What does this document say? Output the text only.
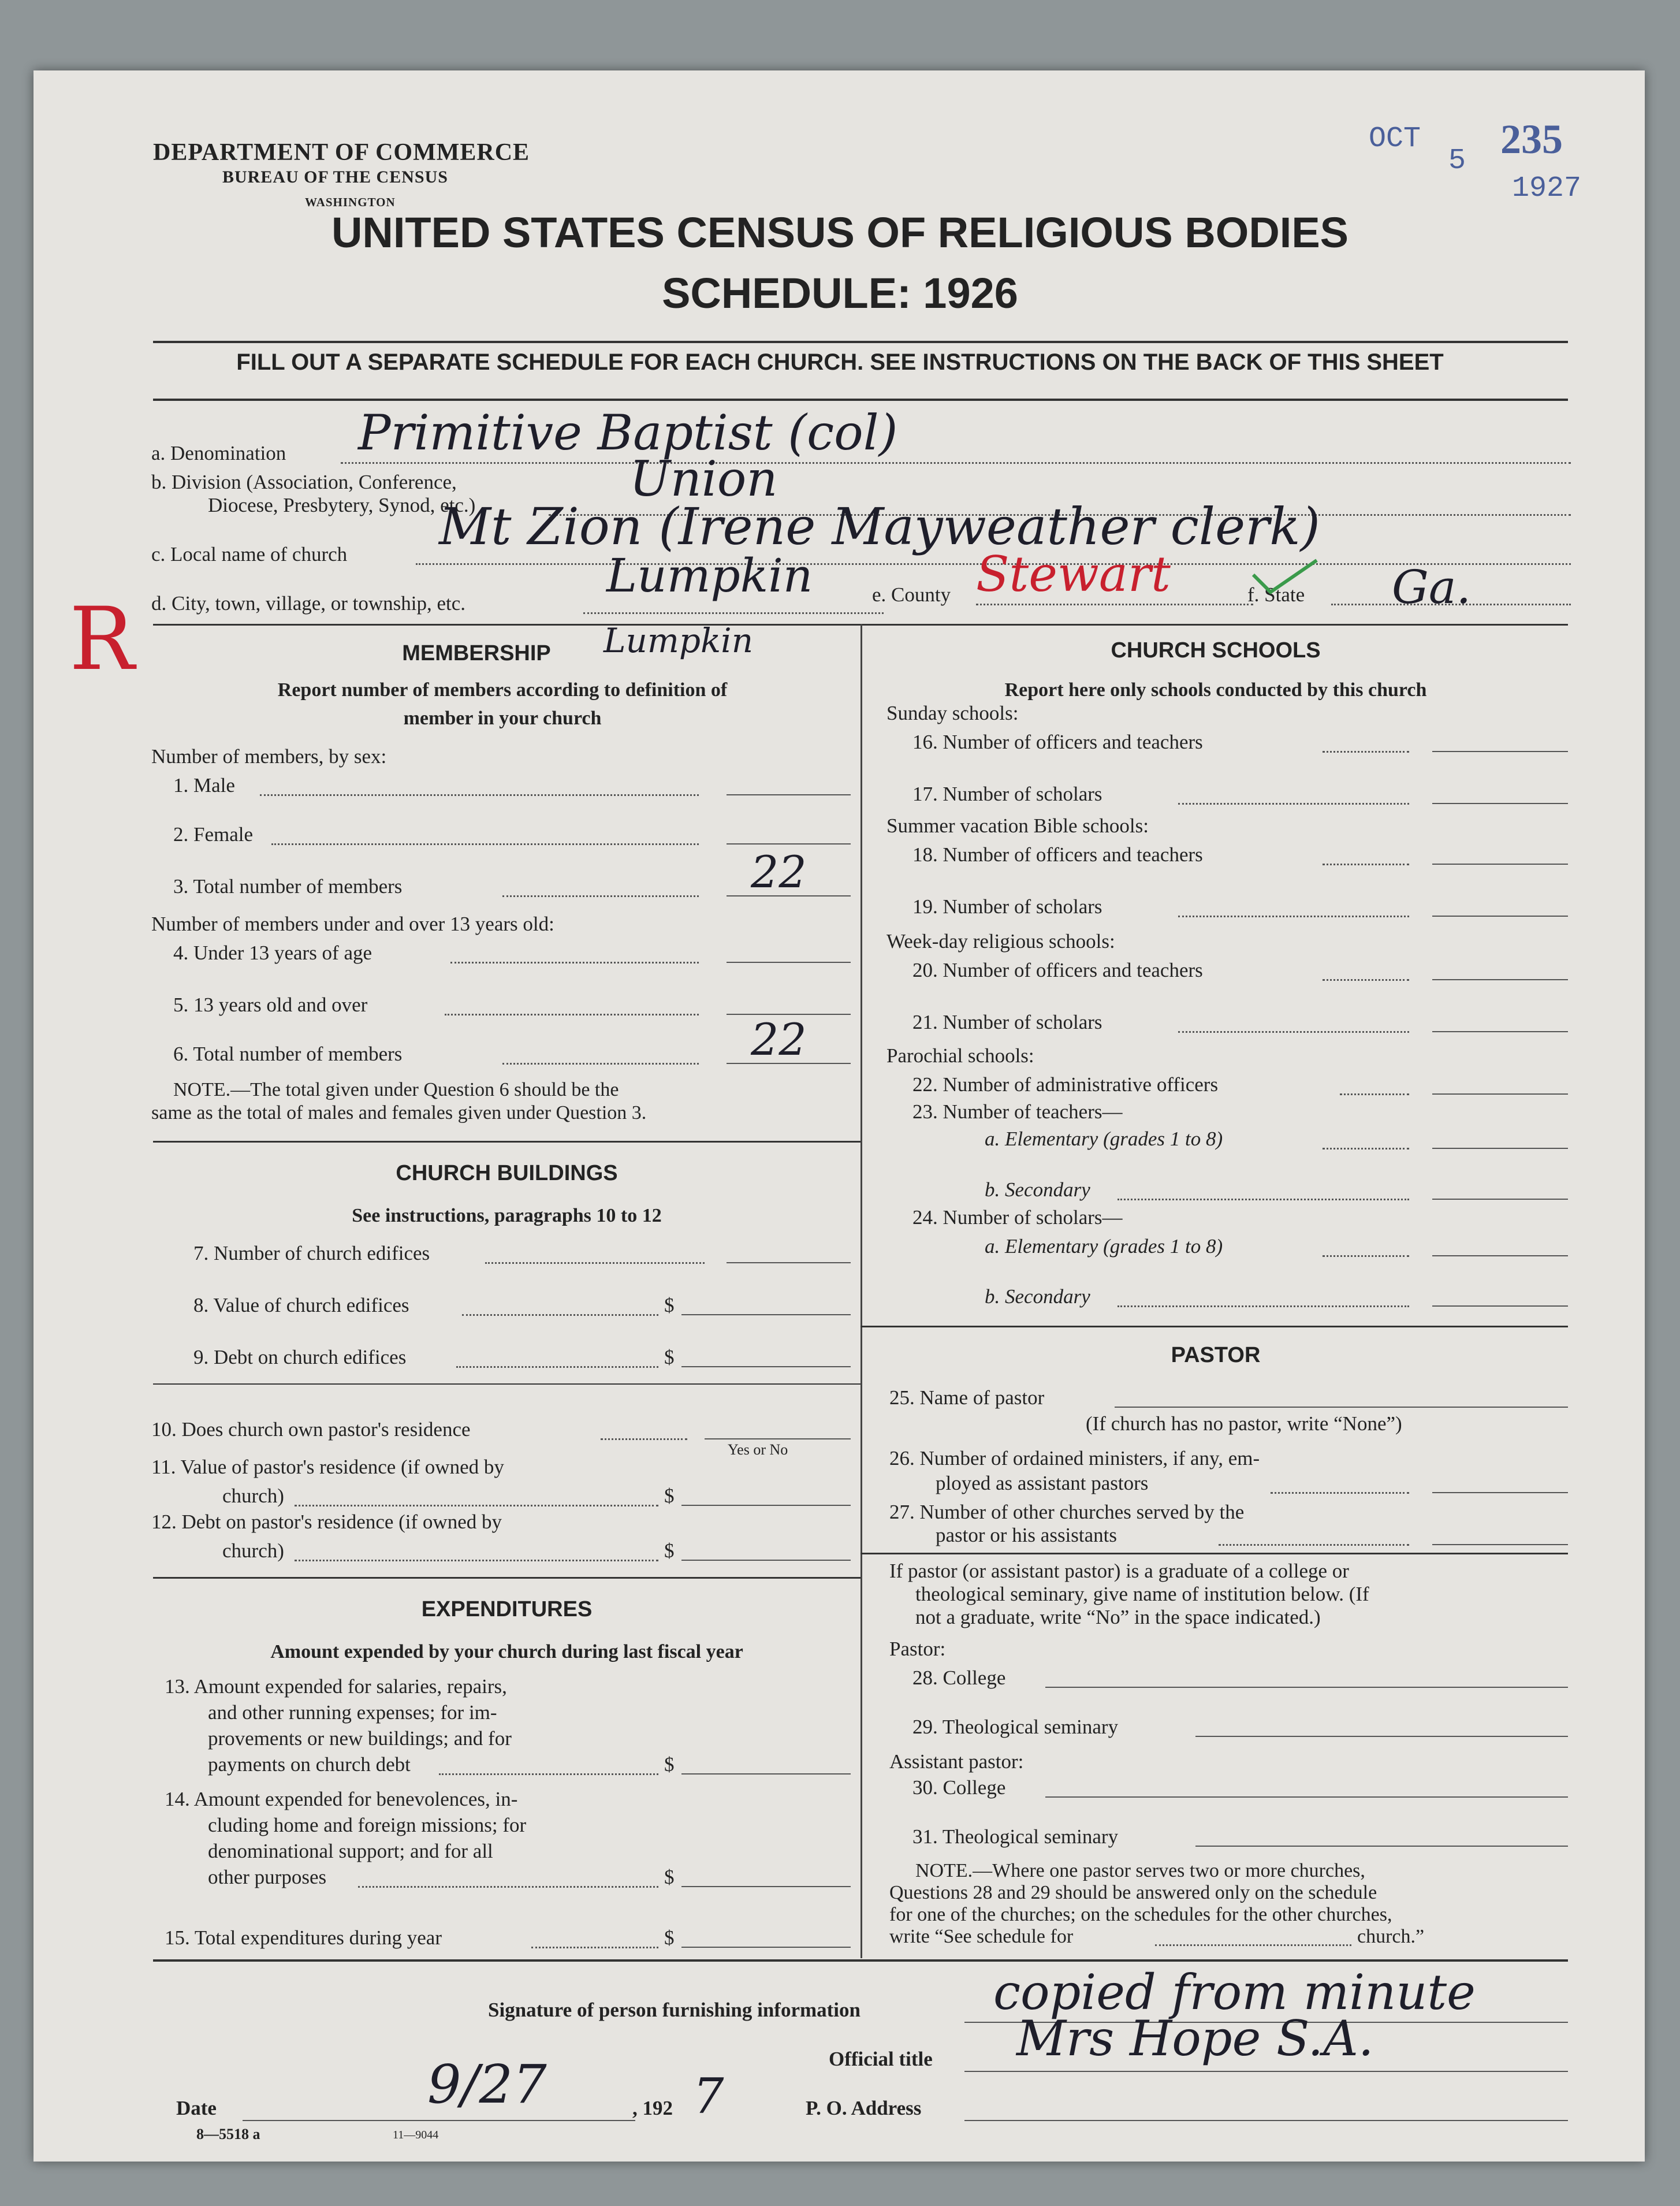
DEPARTMENT OF COMMERCE
BUREAU OF THE CENSUS
WASHINGTON
OCT
5 235
1927
UNITED STATES CENSUS OF RELIGIOUS BODIES
SCHEDULE: 1926
FILL OUT A SEPARATE SCHEDULE FOR EACH CHURCH. SEE INSTRUCTIONS ON THE BACK OF THIS SHEET
a. Denomination Primitive Baptist (col)
b. Division (Association, Conference,
Diocese, Presbytery, Synod, etc.)	Union
c. Local name of church Mt Zion (Irene Mayweather clerk)
d. City, town, village, or township, etc.
Lumpkin	e. County Stewart	f. State Ga.
R	Lumpkin
MEMBERSHIP
Report number of members according to definition of
member in your church
Number of members, by sex:
1. Male
2. Female
3. Total number of members	22
Number of members under and over 13 years old:
4. Under 13 years of age
5. 13 years old and over
6. Total number of members	22
NOTE.—The total given under Question 6 should be the
same as the total of males and females given under Question 3.
CHURCH BUILDINGS
See instructions, paragraphs 10 to 12
7. Number of church edifices
8. Value of church edifices	$
9. Debt on church edifices	$
10. Does church own pastor's residence
Yes or No
11. Value of pastor's residence (if owned by
church)	$
12. Debt on pastor's residence (if owned by
church)	$
EXPENDITURES
Amount expended by your church during last fiscal year
13. Amount expended for salaries, repairs,
and other running expenses; for im-
provements or new buildings; and for
payments on church debt	$
14. Amount expended for benevolences, in-
cluding home and foreign missions; for
denominational support; and for all
other purposes	$
15. Total expenditures during year	$
CHURCH SCHOOLS
Report here only schools conducted by this church
Sunday schools:
16. Number of officers and teachers
17. Number of scholars
Summer vacation Bible schools:
18. Number of officers and teachers
19. Number of scholars
Week-day religious schools:
20. Number of officers and teachers
21. Number of scholars
Parochial schools:
22. Number of administrative officers
23. Number of teachers—
a. Elementary (grades 1 to 8)
b. Secondary
24. Number of scholars—
a. Elementary (grades 1 to 8)
b. Secondary
PASTOR
25. Name of pastor
(If church has no pastor, write “None”)
26. Number of ordained ministers, if any, em-
ployed as assistant pastors
27. Number of other churches served by the
pastor or his assistants
If pastor (or assistant pastor) is a graduate of a college or
theological seminary, give name of institution below. (If
not a graduate, write “No” in the space indicated.)
Pastor:
28. College
29. Theological seminary
Assistant pastor:
30. College
31. Theological seminary
NOTE.—Where one pastor serves two or more churches,
Questions 28 and 29 should be answered only on the schedule
for one of the churches; on the schedules for the other churches,
write “See schedule for	church.”
Signature of person furnishing information	copied from minute
Official title Mrs Hope S.A.
Date	9/27	, 192 7	P. O. Address
8—5518 a	11—9044
